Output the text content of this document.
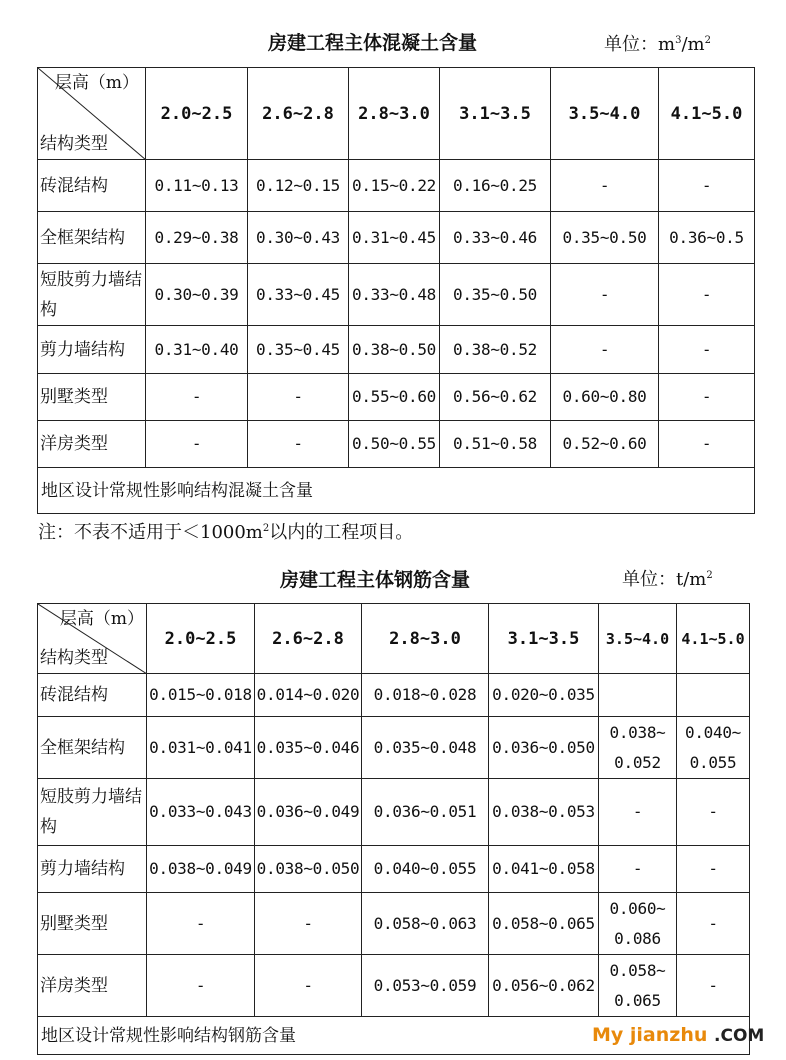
房建工程主体混凝土含量	单位：$m^3/m^2$
层高（m）
结构类型	2.0~2.5	2.6~2.8	2.8~3.0	3.1~3.5	3.5~4.0	4.1~5.0
砖混结构	0.11~0.13	0.12~0.15	0.15~0.22	0.16~0.25	-	-
全框架结构	0.29~0.38	0.30~0.43	0.31~0.45	0.33~0.46	0.35~0.50	0.36~0.5
短肢剪力墙结构	0.30~0.39	0.33~0.45	0.33~0.48	0.35~0.50	-	-
剪力墙结构	0.31~0.40	0.35~0.45	0.38~0.50	0.38~0.52	-	-
别墅类型	-	-	0.55~0.60	0.56~0.62	0.60~0.80	-
洋房类型	-	-	0.50~0.55	0.51~0.58	0.52~0.60	-
地区设计常规性影响结构混凝土含量						
注：不表不适用于$<1000m^2$以内的工程项目。
房建工程主体钢筋含量	单位：$t/m^2$
层高（m）
结构类型	2.0~2.5	2.6~2.8	2.8~3.0	3.1~3.5	3.5~4.0	4.1~5.0
砖混结构	0.015~0.018	0.014~0.020	0.018~0.028	0.020~0.035		
全框架结构	0.031~0.041	0.035~0.046	0.035~0.048	0.036~0.050	0.038~ 0.052	0.040~ 0.055
短肢剪力墙结构	0.033~0.043	0.036~0.049	0.036~0.051	0.038~0.053	-	-
剪力墙结构	0.038~0.049	0.038~0.050	0.040~0.055	0.041~0.058	-	-
别墅类型	-	-	0.058~0.063	0.058~0.065	0.060~ 0.086	-
洋房类型	-	-	0.053~0.059	0.056~0.062	0.058~ 0.065	-
地区设计常规性影响结构钢筋含量							My jianzhu .COM
